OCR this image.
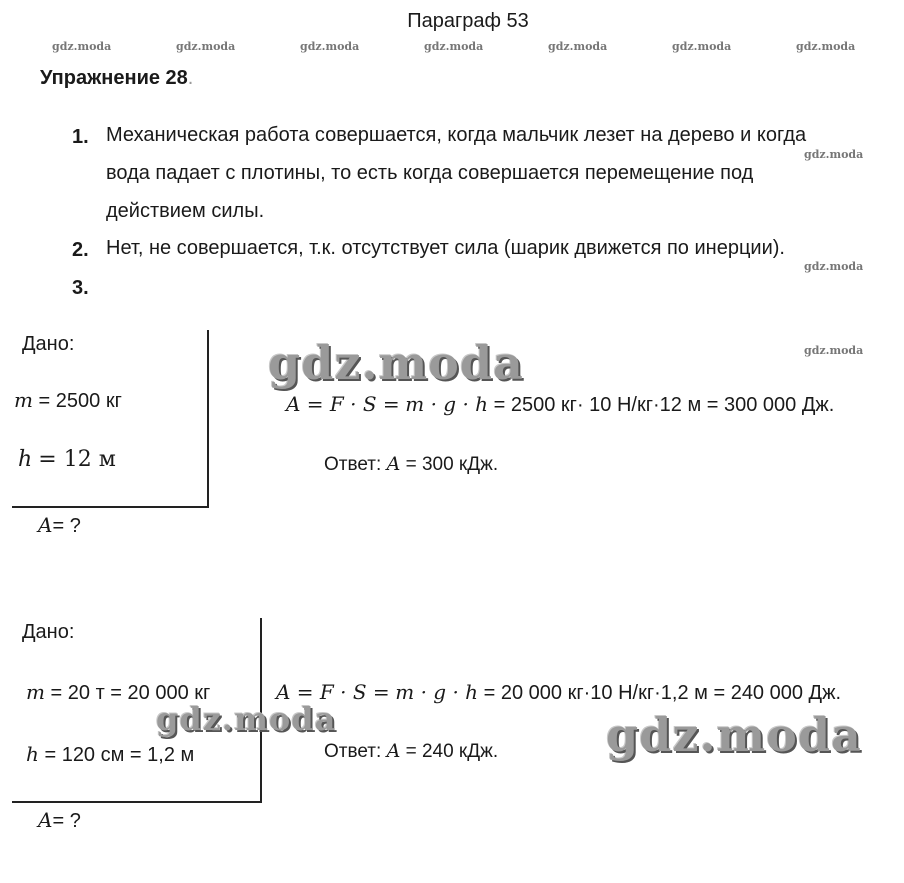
Параграф 53
gdz.moda	gdz.moda	gdz.moda	gdz.moda	gdz.moda	gdz.moda	gdz.moda
Упражнение 28.
1. Механическая работа совершается, когда мальчик лезет на дерево и когда
вода падает с плотины, то есть когда совершается перемещение под
действием силы.
gdz.moda
2. Нет, не совершается, т.к. отсутствует сила (шарик движется по инерции).
gdz.moda
3.
Дано:
m = 2500 кг
h = 12 м
A= ?
gdz.moda	gdz.moda
A = F · S = m · g · h = 2500 кг· 10 Н/кг·12 м = 300 000 Дж.
Ответ: A = 300 кДж.
Дано:
m = 20 т = 20 000 кг
h = 120 см = 1,2 м
A= ?
gdz.moda	gdz.moda
A = F · S = m · g · h = 20 000 кг·10 Н/кг·1,2 м = 240 000 Дж.
Ответ: A = 240 кДж.
